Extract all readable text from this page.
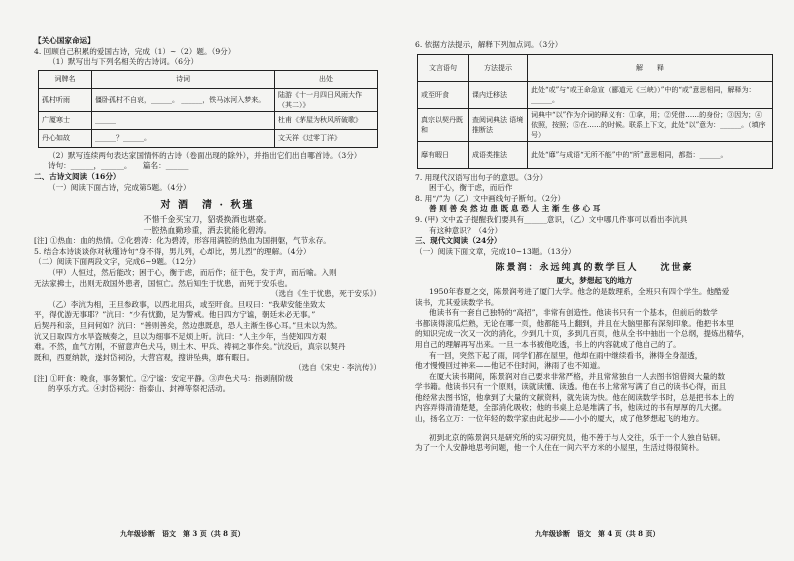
【关心国家命运】
4. 回顾自己积累的爱国古诗，完成（1）~（2）题。（9分）
（1）默写出与下列名相关的古诗词。（6分）
词牌名	诗词	出处
孤村听雨	僵卧孤村不自哀，______。 ______，铁马冰河入梦来。	陆游《十一月四日风雨大作（其二）》
广厦寒士	______	杜甫《茅屋为秋风所破歌》
丹心如故	______？______。	文天祥《过零丁洋》
（2）默写连续两句表达家国情怀的古诗（卷面出现的除外），并指出它们出自哪首诗。（3分）
诗句：______，______。　　篇名：______
二、古诗文阅读（16分）
（一）阅读下面古诗，完成第5题。（4分）
对 酒　清 · 秋瑾
不惜千金买宝刀，貂裘换酒也堪豪。
一腔热血勤珍重，洒去犹能化碧涛。
[注] ①热血：血的热情。②化碧涛：化为碧涛，形容用满腔的热血为国捐躯，气节永存。
5. 结合本诗谈谈你对秋瑾诗句“身不得，男儿列，心却比，男儿烈”的理解。（4分）
（二）阅读下面两段文字，完成6~9题。（12分）
（甲）人恒过，然后能改；困于心，衡于虑，而后作；征于色，发于声，而后喻。入则
无法家拂士，出则无敌国外患者，国恒亡。然后知生于忧患，而死于安乐也。
（选自《生于忧患，死于安乐》）
（乙）李沆为相，王旦参政事，以西北用兵，或至旰食。旦叹曰：“我辈安能坐致太
平，得优游无事耶？”沆曰：“少有忧勤，足为警戒。他日四方宁谧，朝廷未必无事。”
后契丹和亲，旦问何如？沆曰：“善则善矣，然边患既息，恐人主渐生侈心耳。”旦未以为然。
沆又日取四方水旱盗贼奏之，旦以为细事不足烦上听。沆曰：“人主少年，当使知四方艰
难。不然，血气方刚，不留意声色犬马，则土木、甲兵、祷祠之事作矣。”沆没后，真宗以契丹
既和，西夏纳款，遂封岱祠汾，大营宫观，搜讲坠典，靡有暇日。
（选自《宋史 · 李沆传》）
[注] ①旰食：晚食，事务繁忙。②宁谧：安定平静。③声色犬马：指剥削阶级
的享乐方式。④封岱祠汾：指泰山、封禅等祭祀活动。
九年级诊断　语文　第 3 页（共 8 页）
6. 依据方法提示，解释下列加点词。（3分）
文言语句	方法提示	解　　释
或至旰食	课内迁移法	此处“或”与“或王命急宣（郦道元《三峡》）”中的“或”意思相同，解释为：______。
真宗以契丹既和	查阅词典法 语境推断法	词典中“以”作为介词的释义有：①拿，用；②凭借……的身份；③因为；④依照，按照；⑤在……的时候。联系上下文，此处“以”意为：______。（填序号）
靡有暇日	成语类推法	此处“靡”与成语“无所不能”中的“所”意思相同，都指：______。
7. 用现代汉语写出句子的意思。（3分）
困于心，衡于虑，而后作
8. 用“/”为（乙）文中画线句子断句。（2分）
善 则 善 矣 然 边 患 既 息 恐 人 主 渐 生 侈 心 耳
9. (甲) 文中孟子提醒我们要具有______意识，（乙）文中哪几件事可以看出李沆具
有这种意识？（4分）
三、现代文阅读（24分）
（一）阅读下面文章，完成10~13题。（13分）
陈景润：永远纯真的数学巨人　　沈世豪
厦大，梦想起飞的地方
1950年春夏之交，陈景润考进了厦门大学。他念的是数理系，全班只有四个学生。他酷爱
读书，尤其爱读数学书。
他读书有一套自己独特的“高招”，非常有创造性。他读书只有一个基本，但前后的数学
书都读得滚瓜烂熟，无论在哪一页，他都能马上翻到，并且在大脑里都有深刻印象。他把书本里
的知识完成一次又一次的消化，少到几十页，多到几百页，他从全书中抽出一个总纲，提炼出精华，
用自己的理解再写出来。一旦一本书被他吃透，书上的内容就成了他自己的了。
有一回，突然下起了雨，同学们都在屋里，他却在雨中继续看书，淋得全身湿透，
他才慢慢回过神来——他记不住时间，淋雨了也不知道。
在厦大读书期间，陈景润对自己要求非常严格，并且常常独自一人去图书馆借阅大量的数
学书籍。他读书只有一个原则，读就读懂、读透。他在书上常常写满了自己的读书心得，而且
他经常去图书馆，他拿到了大量的文献资料，就先读为快。他在阅读数学书时，总是把书本上的
内容弄得清清楚楚，全部消化吸收；他的书桌上总是堆满了书，他读过的书有厚厚的几大摞。
山，扬名立万：一位年轻的数学家由此起步——小小的厦大，成了他梦想起飞的地方。
初到北京的陈景润只是研究所的实习研究员，他不善于与人交往，乐于一个人独自钻研。
为了一个人安静地思考问题，他一个人住在一间六平方米的小屋里，生活过得很简朴。
九年级诊断　语文　第 4 页（共 8 页）
